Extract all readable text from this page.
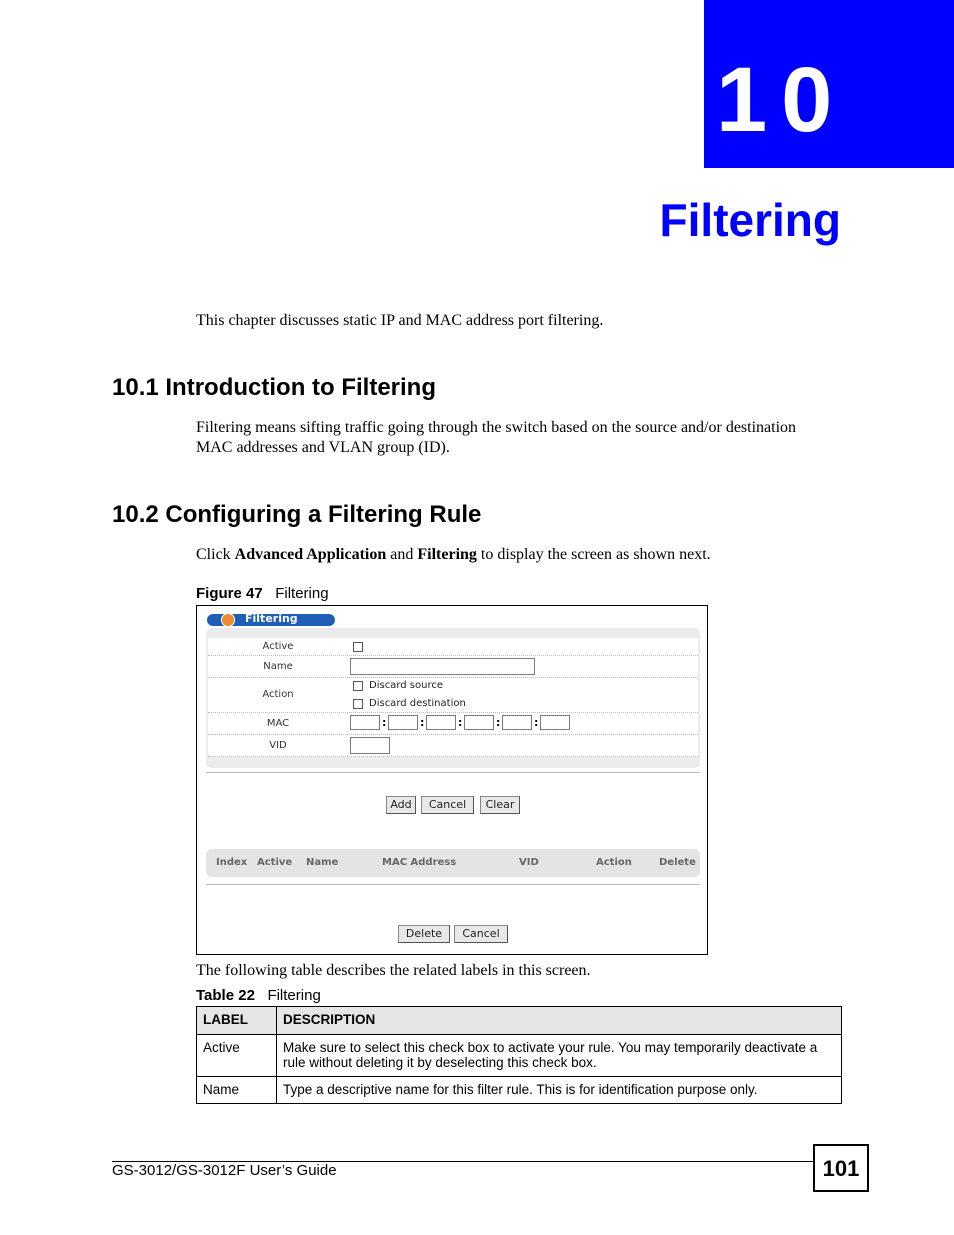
10
Filtering
This chapter discusses static IP and MAC address port filtering.
10.1 Introduction to Filtering
Filtering means sifting traffic going through the switch based on the source and/or destination
MAC addresses and VLAN group (ID).
10.2 Configuring a Filtering Rule
Click Advanced Application and Filtering to display the screen as shown next.
Figure 47 Filtering
Filtering
Active
Name
Action
Discard source
Discard destination
MAC	:	:	:	:	:
VID
Add	Cancel	Clear
Index Active Name	MAC Address	VID	Action	Delete
Delete	Cancel
The following table describes the related labels in this screen.
Table 22 Filtering
LABEL	DESCRIPTION
Active	Make sure to select this check box to activate your rule. You may temporarily deactivate a
rule without deleting it by deselecting this check box.

Name	Type a descriptive name for this filter rule. This is for identification purpose only.
GS-3012/GS-3012F User’s Guide	101
